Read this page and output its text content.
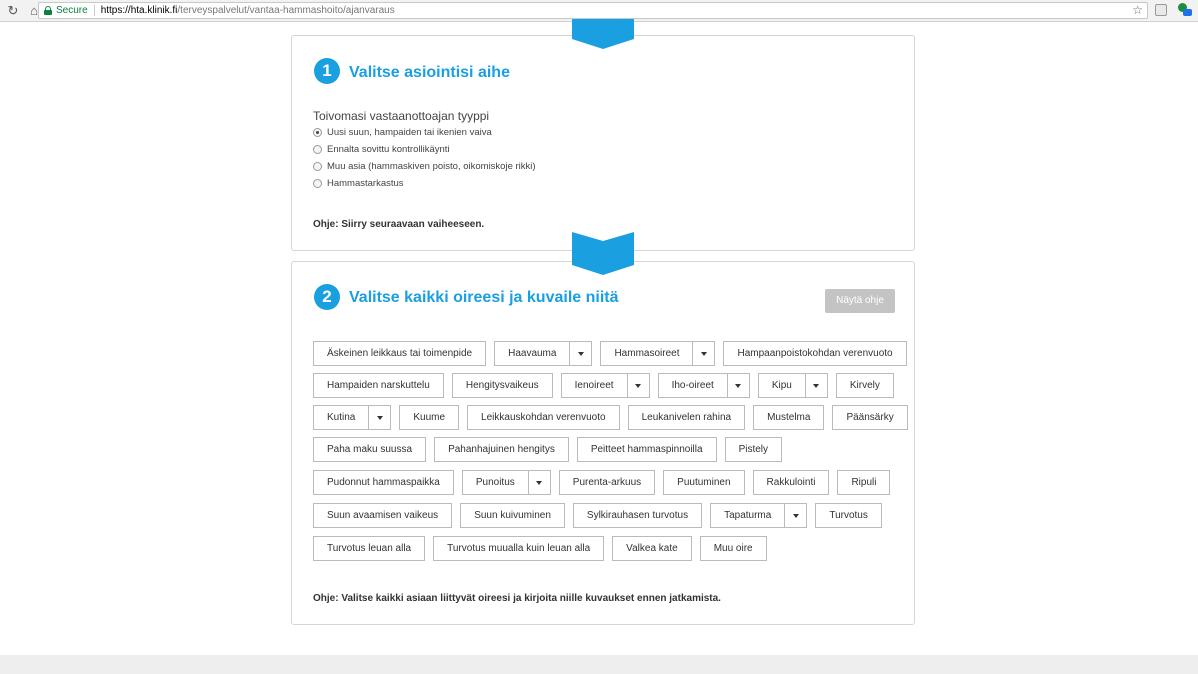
↻ ⌂	Secure https://hta.klinik.fi /terveyspalvelut/vantaa-hammashoito/ajanvaraus	☆
1	Valitse asiointisi aihe
Toivomasi vastaanottoajan tyyppi
Uusi suun, hampaiden tai ikenien vaiva
Ennalta sovittu kontrollikäynti
Muu asia (hammaskiven poisto, oikomiskoje rikki)
Hammastarkastus
Ohje: Siirry seuraavaan vaiheeseen.
2	Valitse kaikki oireesi ja kuvaile niitä	Näytä ohje
Äskeinen leikkaus tai toimenpide	Haavauma	Hammasoireet	Hampaanpoistokohdan verenvuoto
Hampaiden narskuttelu	Hengitysvaikeus	Ienoireet	Iho-oireet	Kipu	Kirvely
Kutina	Kuume	Leikkauskohdan verenvuoto	Leukanivelen rahina	Mustelma	Päänsärky
Paha maku suussa	Pahanhajuinen hengitys	Peitteet hammaspinnoilla	Pistely
Pudonnut hammaspaikka	Punoitus	Purenta-arkuus	Puutuminen	Rakkulointi	Ripuli
Suun avaamisen vaikeus	Suun kuivuminen	Sylkirauhasen turvotus	Tapaturma	Turvotus
Turvotus leuan alla	Turvotus muualla kuin leuan alla	Valkea kate	Muu oire
Ohje: Valitse kaikki asiaan liittyvät oireesi ja kirjoita niille kuvaukset ennen jatkamista.
